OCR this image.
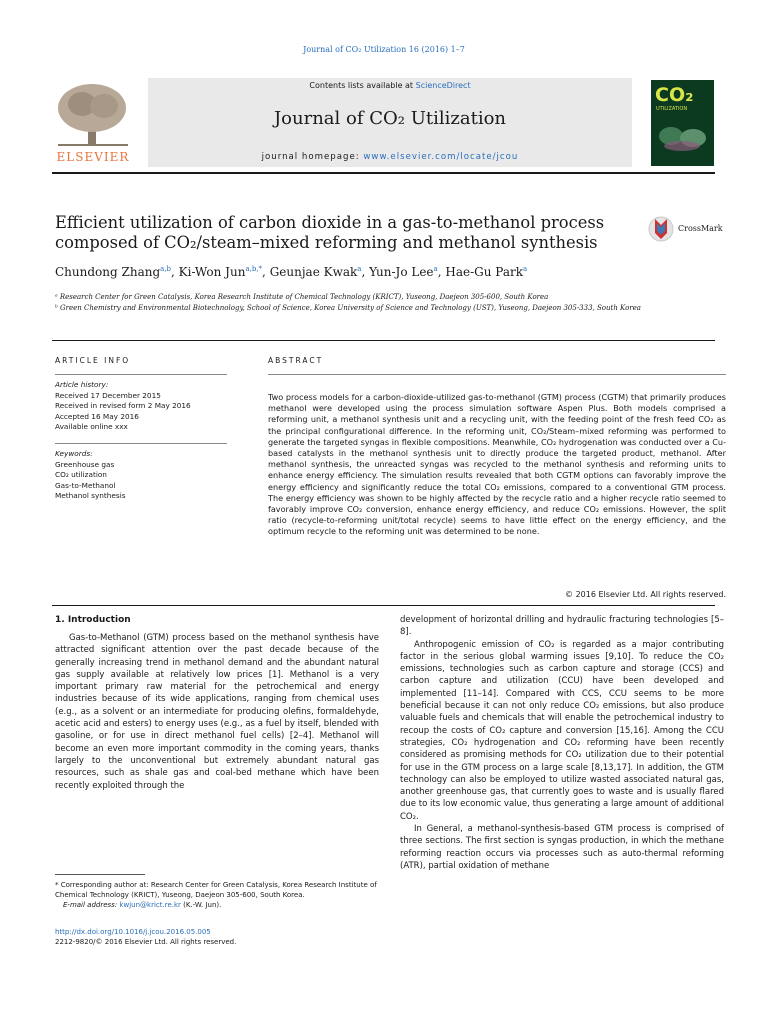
Journal of CO₂ Utilization 16 (2016) 1–7
ELSEVIER
Contents lists available at ScienceDirect
Journal of CO₂ Utilization
journal homepage: www.elsevier.com/locate/jcou
CO₂
UTILIZATION
Efficient utilization of carbon dioxide in a gas-to-methanol process
composed of CO₂/steam–mixed reforming and methanol synthesis
CrossMark
Chundong Zhang$^{a,b}$, Ki-Won Jun$^{a,b,*}$, Geunjae Kwak$^a$, Yun-Jo Lee$^a$, Hae-Gu Park$^a$

ᵃ Research Center for Green Catalysis, Korea Research Institute of Chemical Technology (KRICT), Yuseong, Daejeon 305-600, South Korea

ᵇ Green Chemistry and Environmental Biotechnology, School of Science, Korea University of Science and Technology (UST), Yuseong, Daejeon 305-333, South Korea

ARTICLE INFO
Article history:
Received 17 December 2015
Received in revised form 2 May 2016
Accepted 16 May 2016
Available online xxx
Keywords:
Greenhouse gas
CO₂ utilization
Gas-to-Methanol
Methanol synthesis
ABSTRACT
Two process models for a carbon-dioxide-utilized gas-to-methanol (GTM) process (CGTM) that primarily produces methanol were developed using the process simulation software Aspen Plus. Both models comprised a reforming unit, a methanol synthesis unit and a recycling unit, with the feeding point of the fresh feed CO₂ as the principal configurational difference. In the reforming unit, CO₂/Steam–mixed reforming was performed to generate the targeted syngas in flexible compositions. Meanwhile, CO₂ hydrogenation was conducted over a Cu-based catalysts in the methanol synthesis unit to directly produce the targeted product, methanol. After methanol synthesis, the unreacted syngas was recycled to the methanol synthesis and reforming units to enhance energy efficiency. The simulation results revealed that both CGTM options can favorably improve the energy efficiency and significantly reduce the total CO₂ emissions, compared to a conventional GTM process. The energy efficiency was shown to be highly affected by the recycle ratio and a higher recycle ratio seemed to favorably improve CO₂ conversion, enhance energy efficiency, and reduce CO₂ emissions. However, the split ratio (recycle-to-reforming unit/total recycle) seems to have little effect on the energy efficiency, and the optimum recycle to the reforming unit was determined to be none.
© 2016 Elsevier Ltd. All rights reserved.
1. Introduction

Gas-to-Methanol (GTM) process based on the methanol synthesis have attracted significant attention over the past decade because of the generally increasing trend in methanol demand and the abundant natural gas supply available at relatively low prices [1]. Methanol is a very important primary raw material for the petrochemical and energy industries because of its wide applications, ranging from chemical uses (e.g., as a solvent or an intermediate for producing olefins, formaldehyde, acetic acid and esters) to energy uses (e.g., as a fuel by itself, blended with gasoline, or for use in direct methanol fuel cells) [2–4]. Methanol will become an even more important commodity in the coming years, thanks largely to the unconventional but extremely abundant natural gas resources, such as shale gas and coal-bed methane which have been recently exploited through the

development of horizontal drilling and hydraulic fracturing technologies [5–8].

Anthropogenic emission of CO₂ is regarded as a major contributing factor in the serious global warming issues [9,10]. To reduce the CO₂ emissions, technologies such as carbon capture and storage (CCS) and carbon capture and utilization (CCU) have been developed and implemented [11–14]. Compared with CCS, CCU seems to be more beneficial because it can not only reduce CO₂ emissions, but also produce valuable fuels and chemicals that will enable the petrochemical industry to recoup the costs of CO₂ capture and conversion [15,16]. Among the CCU strategies, CO₂ hydrogenation and CO₂ reforming have been recently considered as promising methods for CO₂ utilization due to their potential for use in the GTM process on a large scale [8,13,17]. In addition, the GTM technology can also be employed to utilize wasted associated natural gas, another greenhouse gas, that currently goes to waste and is usually flared due to its low economic value, thus generating a large amount of additional CO₂.

In General, a methanol-synthesis-based GTM process is comprised of three sections. The first section is syngas production, in which the methane reforming reaction occurs via processes such as auto-thermal reforming (ATR), partial oxidation of methane

* Corresponding author at: Research Center for Green Catalysis, Korea Research Institute of Chemical Technology (KRICT), Yuseong, Daejeon 305-600, South Korea.
E-mail address: kwjun@krict.re.kr (K.-W. Jun).
http://dx.doi.org/10.1016/j.jcou.2016.05.005
2212-9820/© 2016 Elsevier Ltd. All rights reserved.
